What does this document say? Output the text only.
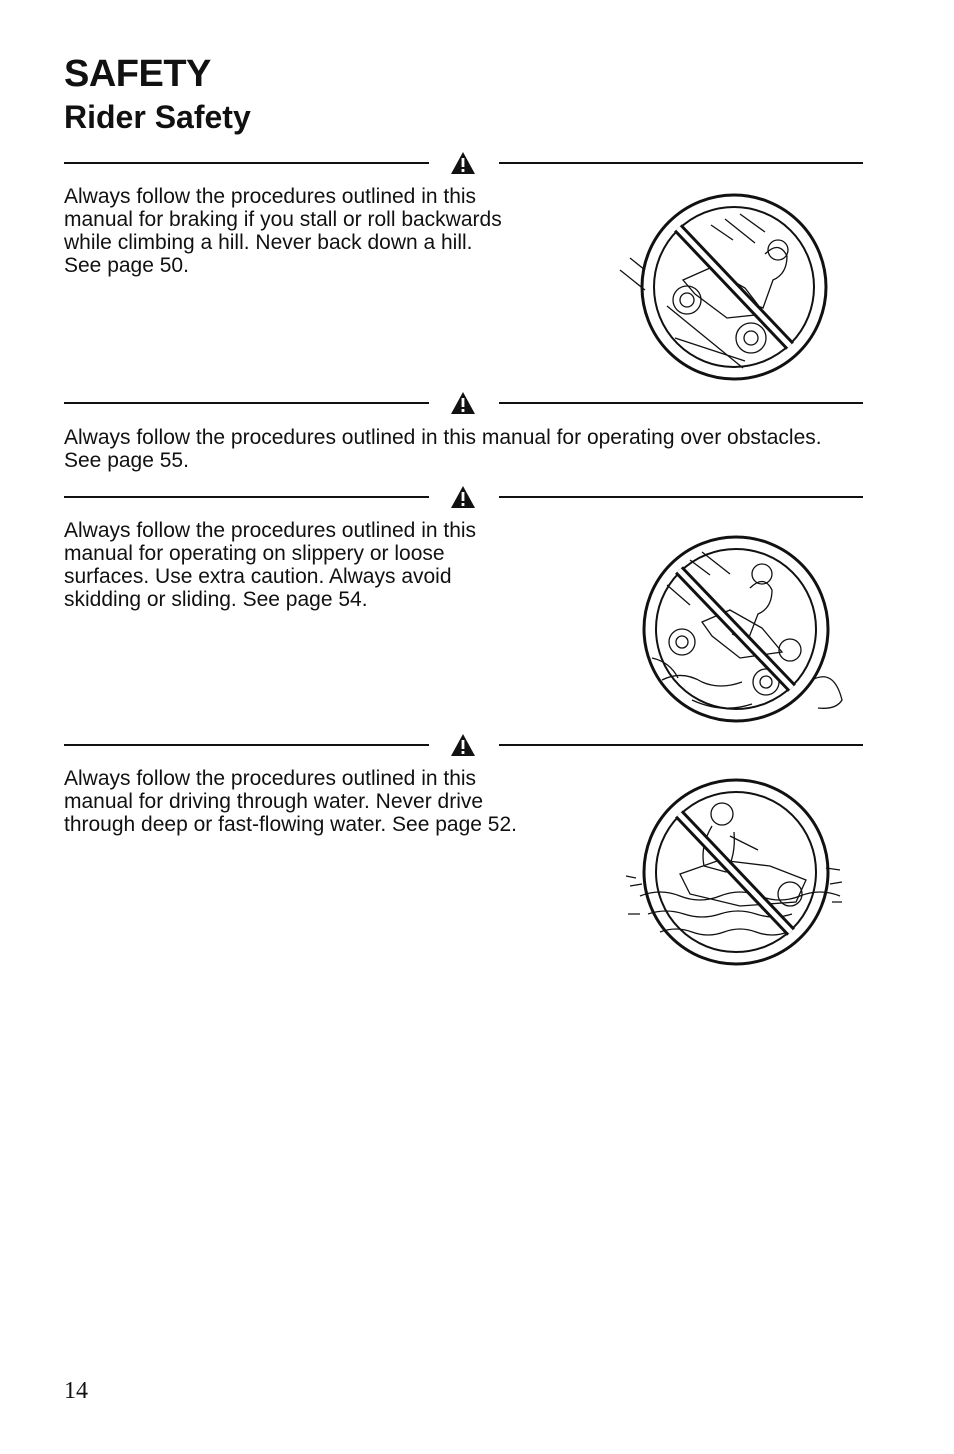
SAFETY
Rider Safety

Always follow the procedures outlined in this manual for braking if you stall or roll backwards while climbing a hill. Never back down a hill. See page 50.

Always follow the procedures outlined in this manual for operating over obstacles. See page 55.

Always follow the procedures outlined in this manual for operating on slippery or loose surfaces. Use extra caution. Always avoid skidding or sliding. See page 54.

Always follow the procedures outlined in this manual for driving through water. Never drive through deep or fast-flowing water. See page 52.

14
